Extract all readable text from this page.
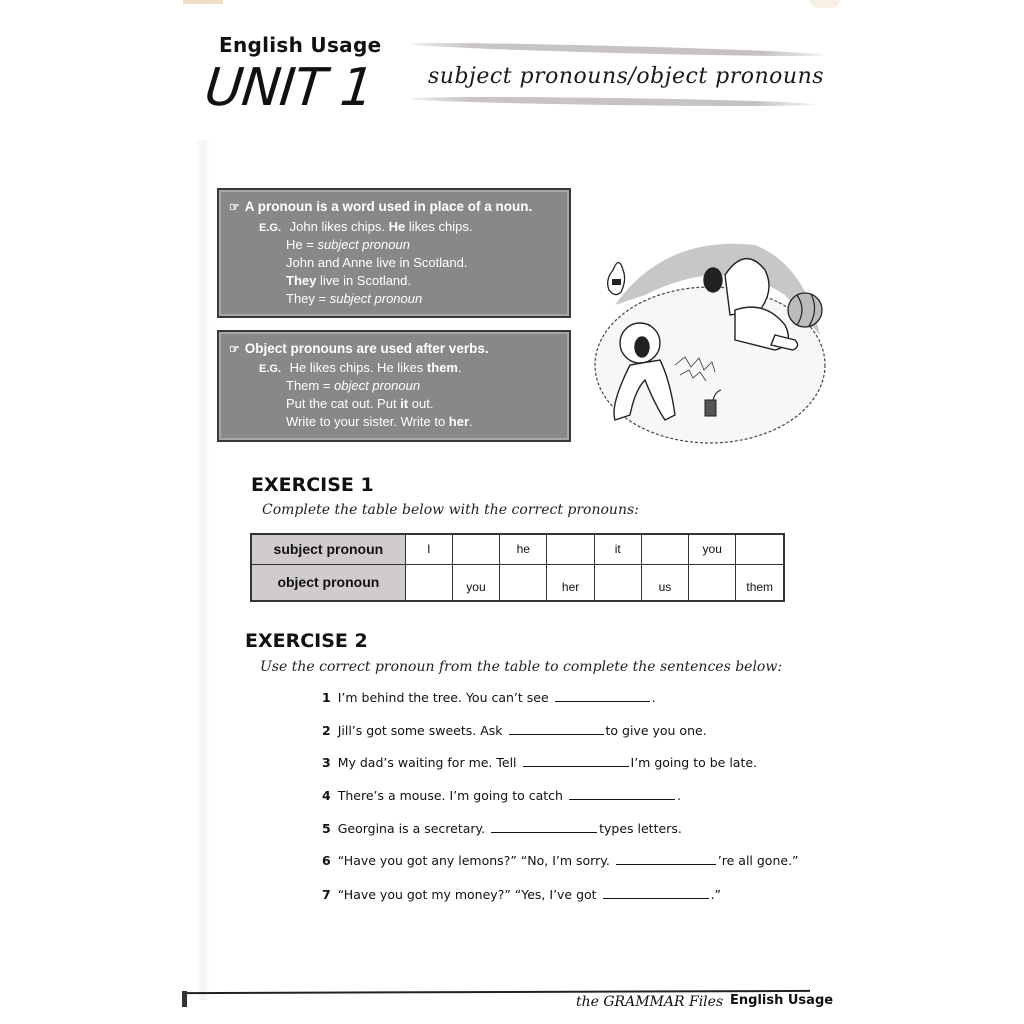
English Usage
UNIT 1 subject pronouns/object pronouns
☞ A pronoun is a word used in place of a noun.
E.G. John likes chips. He likes chips.
He = subject pronoun
John and Anne live in Scotland.
They live in Scotland.
They = subject pronoun
☞ Object pronouns are used after verbs.
E.G. He likes chips. He likes them.
Them = object pronoun
Put the cat out. Put it out.
Write to your sister. Write to her.
EXERCISE 1
Complete the table below with the correct pronouns:
subject pronoun	I		he		it		you	
object pronoun		you		her		us		them
EXERCISE 2
Use the correct pronoun from the table to complete the sentences below:
1 I’m behind the tree. You can’t see	.
2 Jill’s got some sweets. Ask	to give you one.
3 My dad’s waiting for me. Tell	I’m going to be late.
4 There’s a mouse. I’m going to catch	.
5 Georgina is a secretary.	types letters.
6 “Have you got any lemons?” “No, I’m sorry.	’re all gone.”
7 “Have you got my money?” “Yes, I’ve got	.”
the GRAMMAR Files English Usage
